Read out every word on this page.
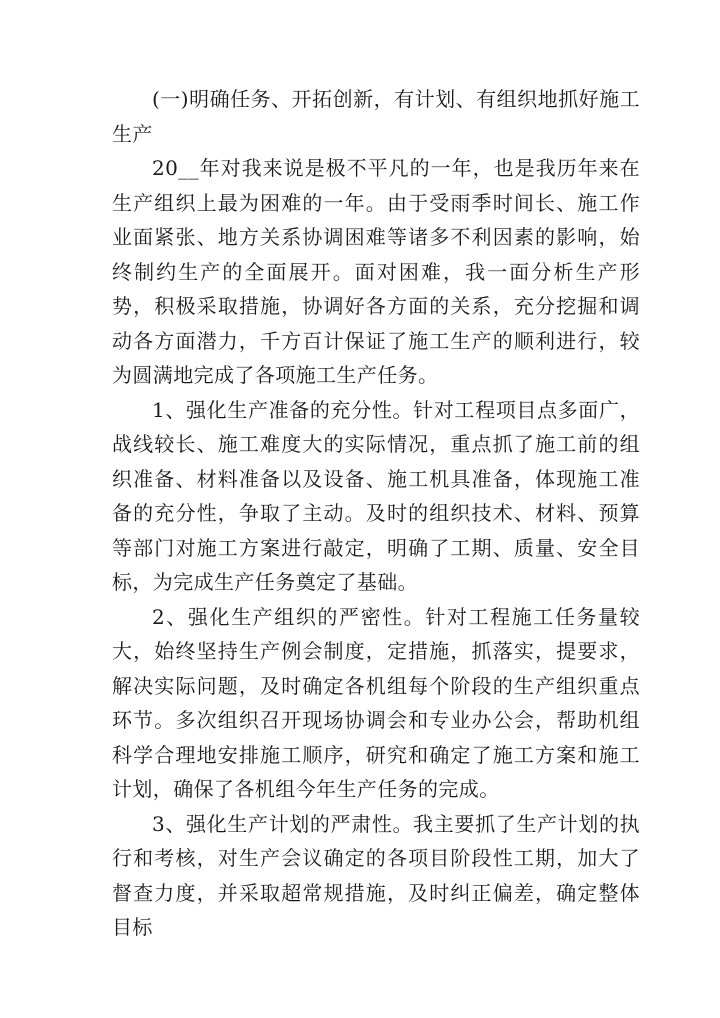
(一)明确任务、开拓创新，有计划、有组织地抓好施工生产

20__年对我来说是极不平凡的一年，也是我历年来在生产组织上最为困难的一年。由于受雨季时间长、施工作业面紧张、地方关系协调困难等诸多不利因素的影响，始终制约生产的全面展开。面对困难，我一面分析生产形势，积极采取措施，协调好各方面的关系，充分挖掘和调动各方面潜力，千方百计保证了施工生产的顺利进行，较为圆满地完成了各项施工生产任务。

1、强化生产准备的充分性。针对工程项目点多面广，战线较长、施工难度大的实际情况，重点抓了施工前的组织准备、材料准备以及设备、施工机具准备，体现施工准备的充分性，争取了主动。及时的组织技术、材料、预算等部门对施工方案进行敲定，明确了工期、质量、安全目标，为完成生产任务奠定了基础。

2、强化生产组织的严密性。针对工程施工任务量较大，始终坚持生产例会制度，定措施，抓落实，提要求，解决实际问题，及时确定各机组每个阶段的生产组织重点环节。多次组织召开现场协调会和专业办公会，帮助机组科学合理地安排施工顺序，研究和确定了施工方案和施工计划，确保了各机组今年生产任务的完成。

3、强化生产计划的严肃性。我主要抓了生产计划的执行和考核，对生产会议确定的各项目阶段性工期，加大了督查力度，并采取超常规措施，及时纠正偏差，确定整体目标
